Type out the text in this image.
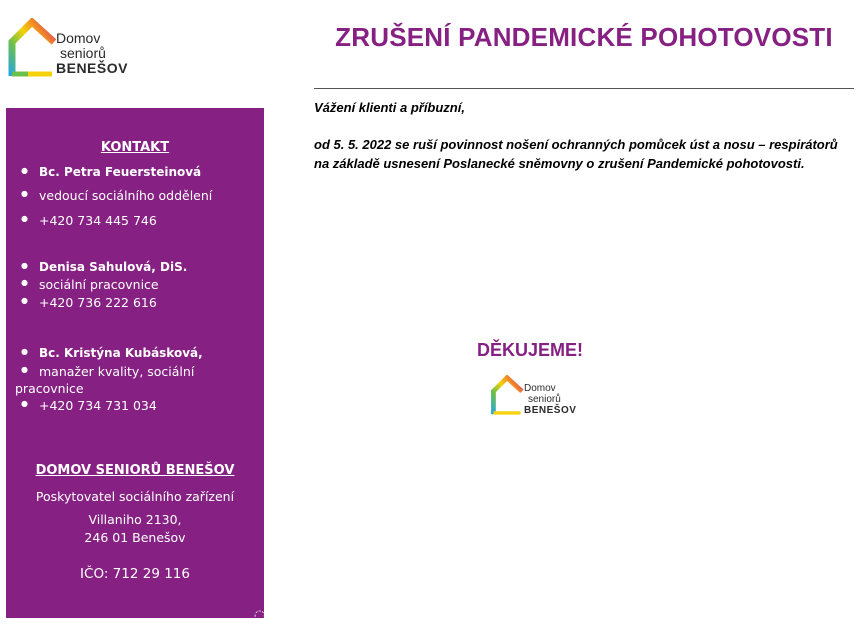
Domov
seniorů
BENEŠOV
KONTAKT
● Bc. Petra Feuersteinová
● vedoucí sociálního oddělení
● +420 734 445 746
● Denisa Sahulová, DiS.
● sociální pracovnice
● +420 736 222 616
● Bc. Kristýna Kubásková,
● manažer kvality, sociální
pracovnice
● +420 734 731 034
DOMOV SENIORŮ BENEŠOV
Poskytovatel sociálního zařízení
Villaniho 2130,
246 01 Benešov
IČO: 712 29 116
◌
ZRUŠENÍ PANDEMICKÉ POHOTOVOSTI
Vážení klienti a příbuzní,
od 5. 5. 2022 se ruší povinnost nošení ochranných pomůcek úst a nosu – respirátorů na základě usnesení Poslanecké sněmovny o zrušení Pandemické pohotovosti.
DĚKUJEME!
Domov
seniorů
BENEŠOV
